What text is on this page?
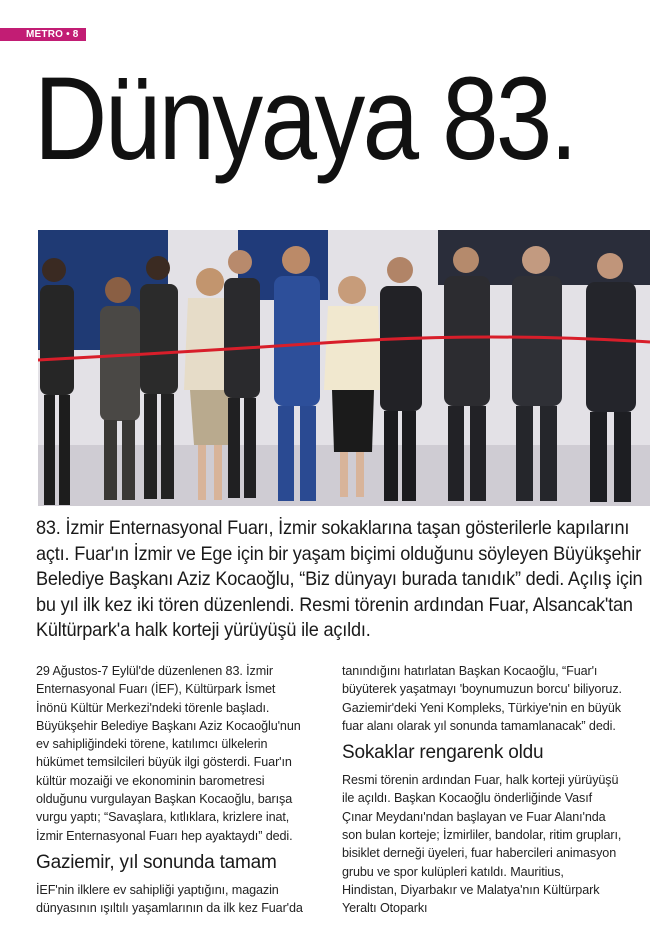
METRO • 8
Dünyaya 83.
83. İzmir Enternasyonal Fuarı, İzmir sokaklarına taşan gösterilerle kapılarını açtı. Fuar'ın İzmir ve Ege için bir yaşam biçimi olduğunu söyleyen Büyükşehir Belediye Başkanı Aziz Kocaoğlu, “Biz dünyayı burada tanıdık” dedi. Açılış için bu yıl ilk kez iki tören düzenlendi. Resmi törenin ardından Fuar, Alsancak'tan Kültürpark'a halk korteji yürüyüşü ile açıldı.

29 Ağustos-7 Eylül'de düzenlenen 83. İzmir Enternasyonal Fuarı (İEF), Kültürpark İsmet İnönü Kültür Merkezi'ndeki törenle başladı. Büyükşehir Belediye Başkanı Aziz Kocaoğlu'nun ev sahipliğindeki törene, katılımcı ülkelerin hükümet temsilcileri büyük ilgi gösterdi. Fuar'ın kültür mozaiği ve ekonominin barometresi olduğunu vurgulayan Başkan Kocaoğlu, barışa vurgu yaptı; “Savaşlara, kıtlıklara, krizlere inat, İzmir Enternasyonal Fuarı hep ayaktaydı” dedi.

Gaziemir, yıl sonunda tamam

İEF'nin ilklere ev sahipliği yaptığını, magazin dünyasının ışıltılı yaşamlarının da ilk kez Fuar'da

tanındığını hatırlatan Başkan Kocaoğlu, “Fuar'ı büyüterek yaşatmayı 'boynumuzun borcu' biliyoruz. Gaziemir'deki Yeni Kompleks, Türkiye'nin en büyük fuar alanı olarak yıl sonunda tamamlanacak” dedi.

Sokaklar rengarenk oldu

Resmi törenin ardından Fuar, halk korteji yürüyüşü ile açıldı. Başkan Kocaoğlu önderliğinde Vasıf Çınar Meydanı'ndan başlayan ve Fuar Alanı'nda son bulan korteje; İzmirliler, bandolar, ritim grupları, bisiklet derneği üyeleri, fuar habercileri animasyon grubu ve spor kulüpleri katıldı. Mauritius, Hindistan, Diyarbakır ve Malatya'nın Kültürpark Yeraltı Otoparkı
